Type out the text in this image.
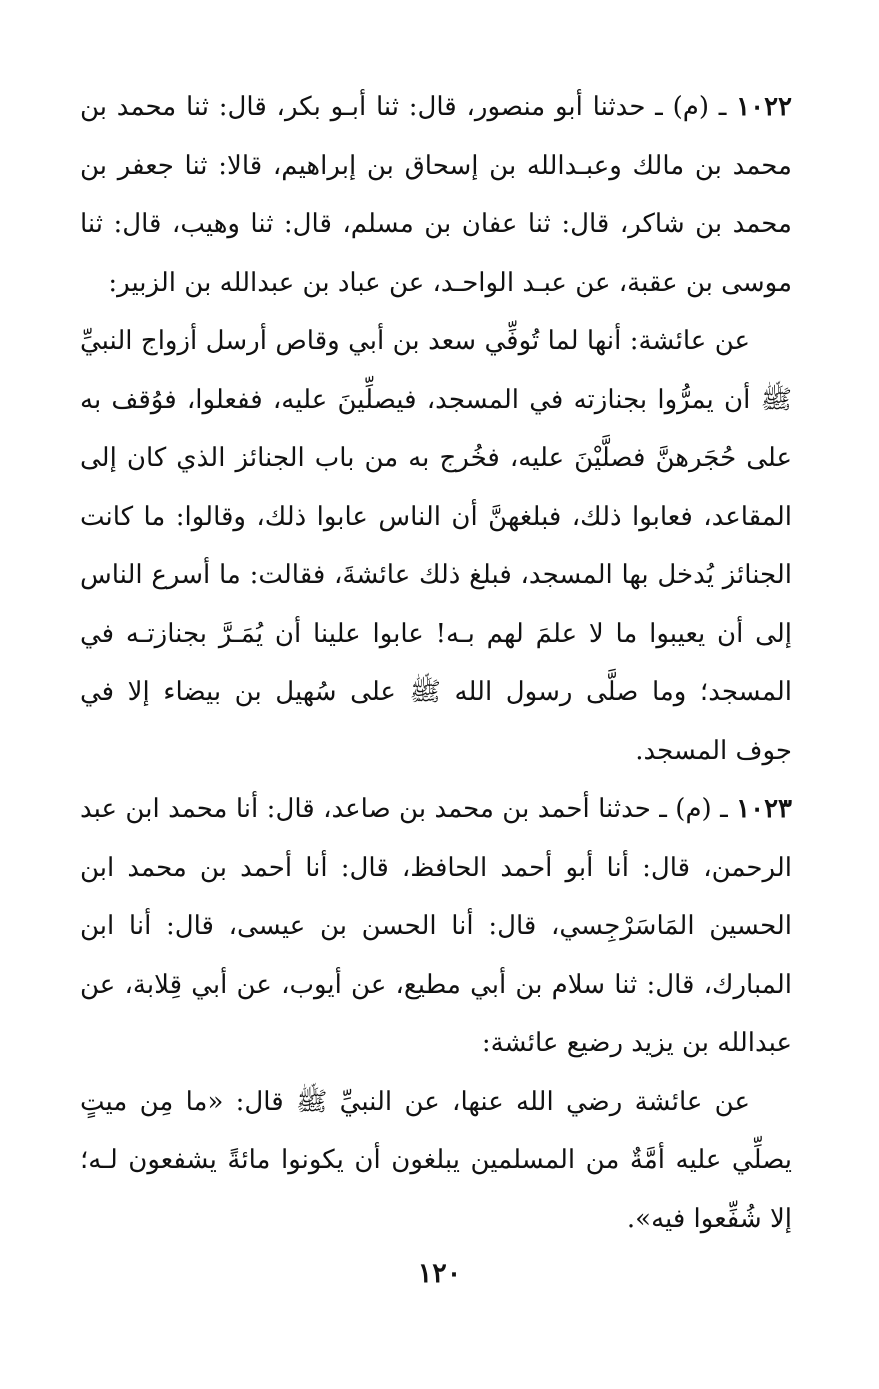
١٠٢٢ ـ (م) ـ حدثنا أبو منصور، قال: ثنا أبـو بكر، قال: ثنا محمد بن محمد بن مالك وعبـدالله بن إسحاق بن إبراهيم، قالا: ثنا جعفر بن محمد بن شاكر، قال: ثنا عفان بن مسلم، قال: ثنا وهيب، قال: ثنا موسى بن عقبة، عن عبـد الواحـد، عن عباد بن عبدالله بن الزبير:

عن عائشة: أنها لما تُوفِّي سعد بن أبي وقاص أرسل أزواج النبيِّ ﷺ أن يمرُّوا بجنازته في المسجد، فيصلِّينَ عليه، ففعلوا، فوُقف به على حُجَرهنَّ فصلَّيْنَ عليه، فخُرج به من باب الجنائز الذي كان إلى المقاعد، فعابوا ذلك، فبلغهنَّ أن الناس عابوا ذلك، وقالوا: ما كانت الجنائز يُدخل بها المسجد، فبلغ ذلك عائشةَ، فقالت: ما أسرع الناس إلى أن يعيبوا ما لا علمَ لهم بـه! عابوا علينا أن يُمَـرَّ بجنازتـه في المسجد؛ وما صلَّى رسول الله ﷺ على سُهيل بن بيضاء إلا في جوف المسجد.

١٠٢٣ ـ (م) ـ حدثنا أحمد بن محمد بن صاعد، قال: أنا محمد ابن عبد الرحمن، قال: أنا أبو أحمد الحافظ، قال: أنا أحمد بن محمد ابن الحسين المَاسَرْجِسي، قال: أنا الحسن بن عيسى، قال: أنا ابن المبارك، قال: ثنا سلام بن أبي مطيع، عن أيوب، عن أبي قِلابة، عن عبدالله بن يزيد رضيع عائشة:

عن عائشة رضي الله عنها، عن النبيِّ ﷺ قال: «ما مِن ميتٍ يصلِّي عليه أمَّةٌ من المسلمين يبلغون أن يكونوا مائةً يشفعون لـه؛ إلا شُفِّعوا فيه».

١٢٠
